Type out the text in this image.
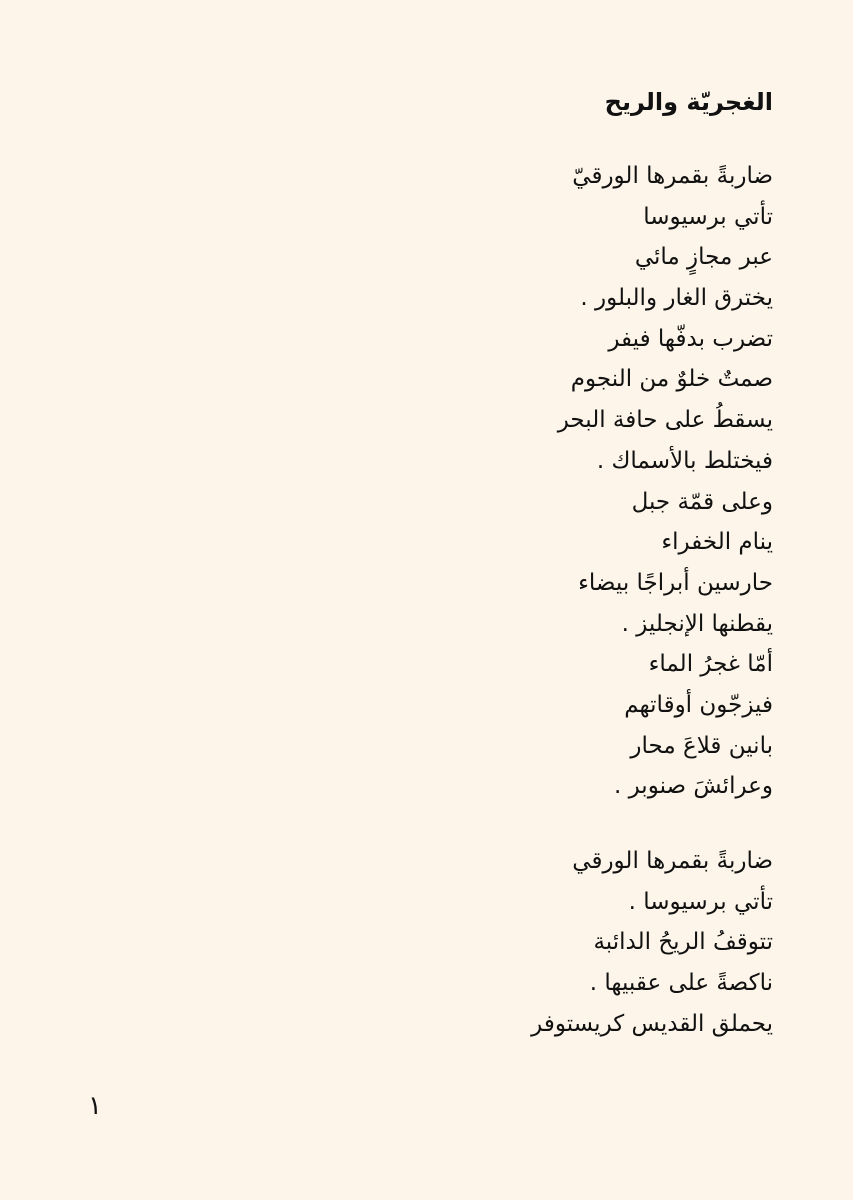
الغجريّة والريح
ضاربةً بقمرها الورقيّ
تأتي برسيوسا
عبر مجازٍ مائي
يخترق الغار والبلور .
تضرب بدفّها فيفر
صمتٌ خلوٌ من النجوم
يسقطُ على حافة البحر
فيختلط بالأسماك .
وعلى قمّة جبل
ينام الخفراء
حارسين أبراجًا بيضاء
يقطنها الإنجليز .
أمّا غجرُ الماء
فيزجّون أوقاتهم
بانين قلاعَ محار
وعرائشَ صنوبر .
ضاربةً بقمرها الورقي
تأتي برسيوسا .
تتوقفُ الريحُ الدائبة
ناكصةً على عقبيها .
يحملق القديس كريستوفر
١
